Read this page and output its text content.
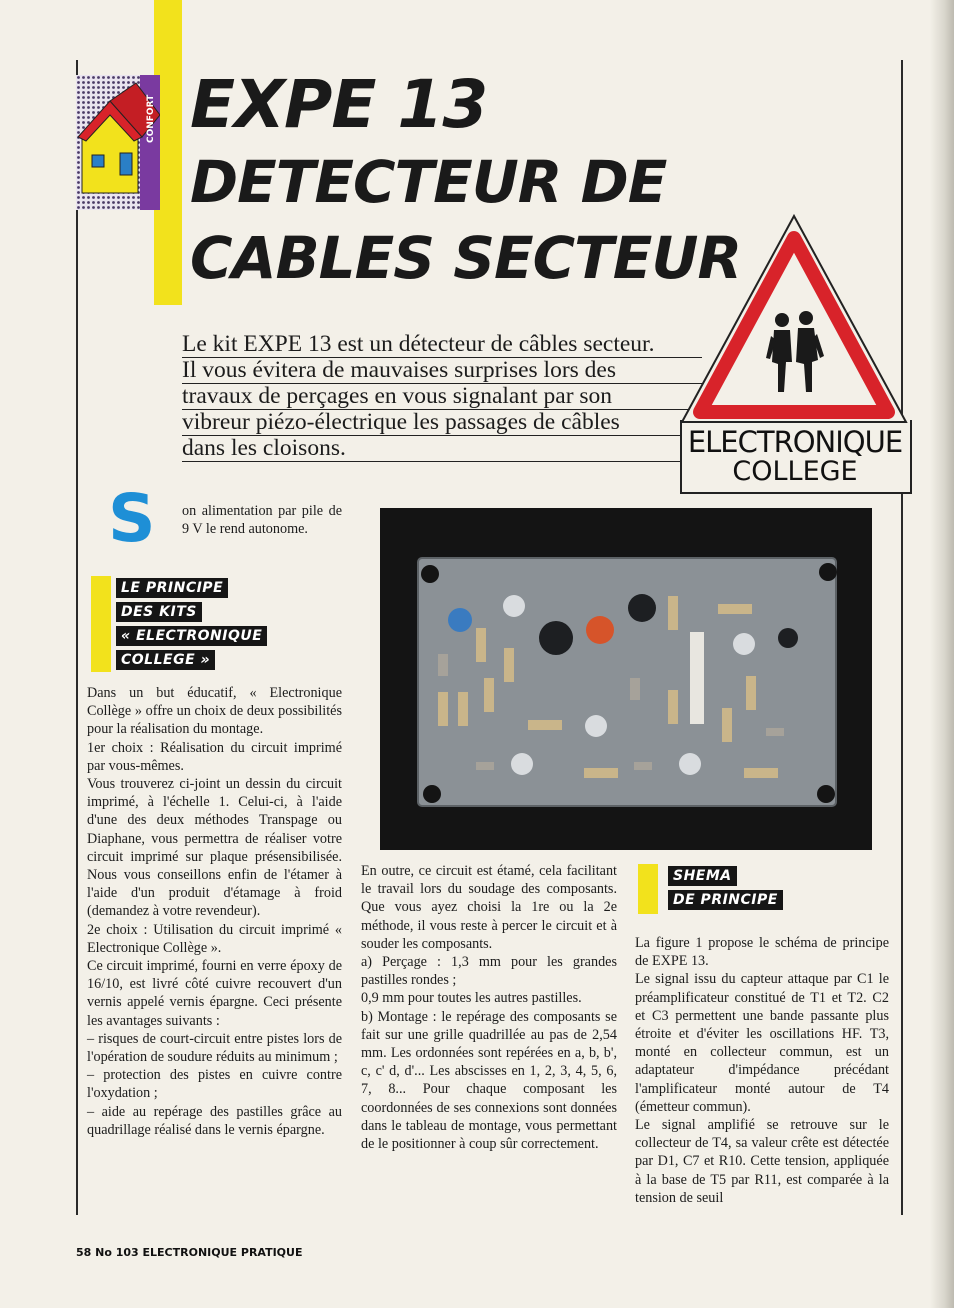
CONFORT EXPE 13
DETECTEUR DE
CABLES SECTEUR
Le kit EXPE 13 est un détecteur de câbles secteur.
Il vous évitera de mauvaises surprises lors des
travaux de perçages en vous signalant par son
vibreur piézo-électrique les passages de câbles
dans les cloisons.	ELECTRONIQUE
COLLEGE
S on alimentation par pile de 9 V le rend autonome.

LE PRINCIPE
DES KITS
« ELECTRONIQUE
COLLEGE »

Dans un but éducatif, « Electronique Collège » offre un choix de deux possibilités pour la réalisation du montage.

1er choix : Réalisation du circuit imprimé par vous-mêmes.

Vous trouverez ci-joint un dessin du circuit imprimé, à l'échelle 1. Celui-ci, à l'aide d'une des deux méthodes Transpage ou Diaphane, vous permettra de réaliser votre circuit imprimé sur plaque présensibilisée. Nous vous conseillons enfin de l'étamer à l'aide d'un produit d'étamage à froid (demandez à votre revendeur).

2e choix : Utilisation du circuit imprimé « Electronique Collège ».

Ce circuit imprimé, fourni en verre époxy de 16/10, est livré côté cuivre recouvert d'un vernis appelé vernis épargne. Ceci présente les avantages suivants :

– risques de court-circuit entre pistes lors de l'opération de soudure réduits au minimum ;

– protection des pistes en cuivre contre l'oxydation ;

– aide au repérage des pastilles grâce au quadrillage réalisé dans le vernis épargne.

En outre, ce circuit est étamé, cela facilitant le travail lors du soudage des composants. Que vous ayez choisi la 1re ou la 2e méthode, il vous reste à percer le circuit et à souder les composants.

a) Perçage : 1,3 mm pour les grandes pastilles rondes ;

0,9 mm pour toutes les autres pastilles.

b) Montage : le repérage des composants se fait sur une grille quadrillée au pas de 2,54 mm. Les ordonnées sont repérées en a, b, b', c, c' d, d'... Les abscisses en 1, 2, 3, 4, 5, 6, 7, 8... Pour chaque composant les coordonnées de ses connexions sont données dans le tableau de montage, vous permettant de le positionner à coup sûr correctement.

SHEMA
DE PRINCIPE

La figure 1 propose le schéma de principe de EXPE 13.

Le signal issu du capteur attaque par C1 le préamplificateur constitué de T1 et T2. C2 et C3 permettent une bande passante plus étroite et d'éviter les oscillations HF. T3, monté en collecteur commun, est un adaptateur d'impédance précédant l'amplificateur monté autour de T4 (émetteur commun).

Le signal amplifié se retrouve sur le collecteur de T4, sa valeur crête est détectée par D1, C7 et R10. Cette tension, appliquée à la base de T5 par R11, est comparée à la tension de seuil

58 No 103 ELECTRONIQUE PRATIQUE
